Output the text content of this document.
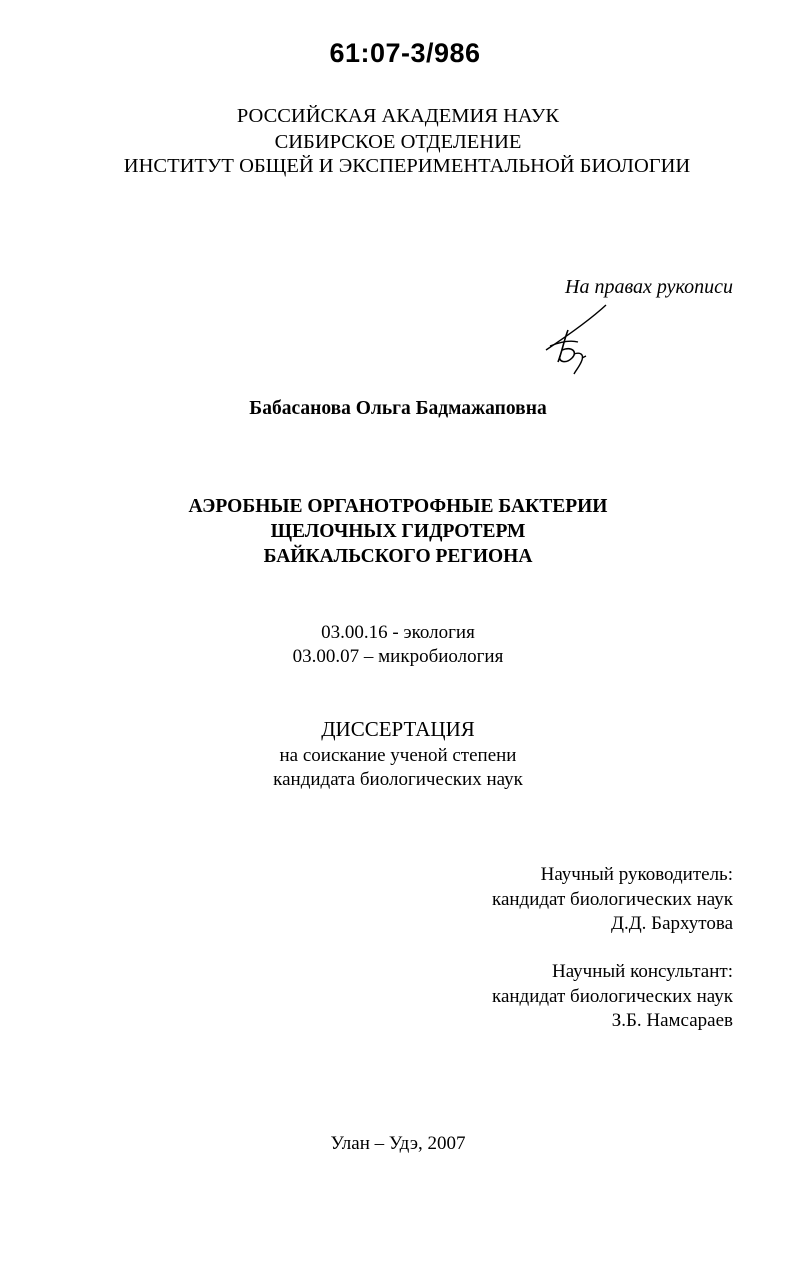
61:07-3/986
РОССИЙСКАЯ АКАДЕМИЯ НАУК
СИБИРСКОЕ ОТДЕЛЕНИЕ
ИНСТИТУТ ОБЩЕЙ И ЭКСПЕРИМЕНТАЛЬНОЙ БИОЛОГИИ
На правах рукописи
Бабасанова Ольга Бадмажаповна
АЭРОБНЫЕ ОРГАНОТРОФНЫЕ БАКТЕРИИ
ЩЕЛОЧНЫХ ГИДРОТЕРМ
БАЙКАЛЬСКОГО РЕГИОНА
03.00.16 - экология
03.00.07 – микробиология
ДИССЕРТАЦИЯ
на соискание ученой степени
кандидата биологических наук
Научный руководитель:
кандидат биологических наук
Д.Д. Бархутова
Научный консультант:
кандидат биологических наук
З.Б. Намсараев
Улан – Удэ, 2007
